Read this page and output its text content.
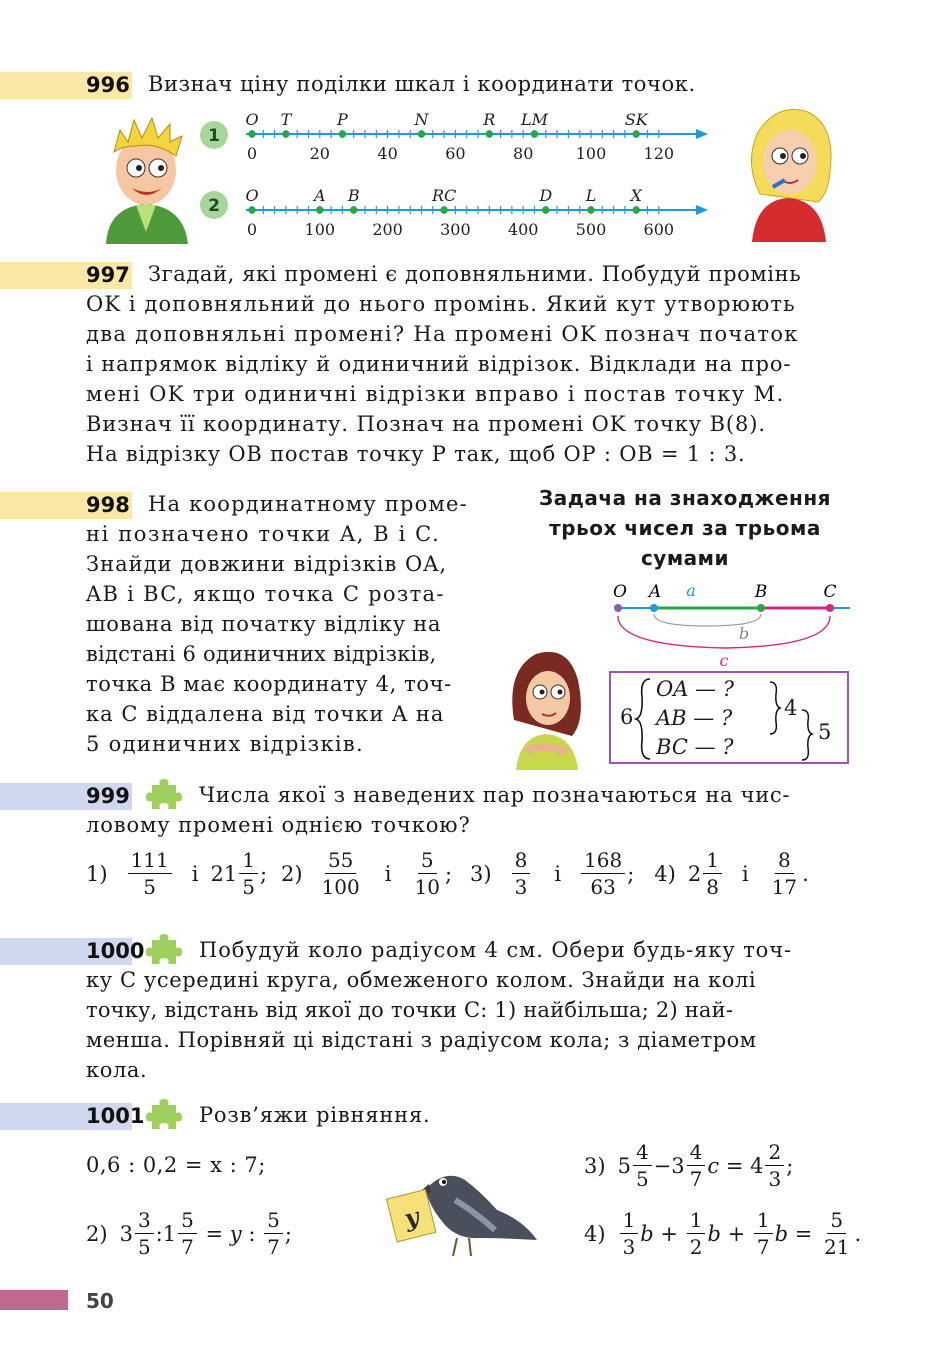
996 Визнач ціну поділки шкал і координати точок.
1
0	20	40	60	80	100 120
O T	P	N	R LM	SK
2
0	100 200 300 400 500 600
O	A B	RC	D L X
997 Згадай, які промені є доповняльними. Побудуй промінь
OK і доповняльний до нього промінь. Який кут утворюють
два доповняльні промені? На промені OK познач початок
і напрямок відліку й одиничний відрізок. Відклади на про-
мені OK три одиничні відрізки вправо і постав точку M.
Визнач її координату. Познач на промені OK точку B(8).
На відрізку OB постав точку P так, щоб OP : OB = 1 : 3.
998 На координатному проме-
ні позначено точки A, B і C.
Знайди довжини відрізків OA,
AB і BC, якщо точка C розта-
шована від початку відліку на
відстані 6 одиничних відрізків,
точка B має координату 4, точ-
ка C віддалена від точки A на
5 одиничних відрізків.
Задача на знаходження
трьох чисел за трьома
сумами
O A	B	C
a
b
c
6
OA — ?
AB — ?
BC — ?
4
5
999	Числа якої з наведених пар позначаються на чис-
ловому промені однією точкою?
$1) \frac{111}{5}$ і $21 \frac{1}{5}$ ; $2) \frac{55}{100}$ і $\frac{5}{10}$ ; $3) \frac{8}{3}$ і $\frac{168}{63}$ ; 4) $2 \frac{1}{8}$ і $\frac{8}{17}$ .
1000	Побудуй коло радіусом 4 см. Обери будь-яку точ-
ку C усередині круга, обмеженого колом. Знайди на колі
точку, відстань від якої до точки C: 1) найбільша; 2) най-
менша. Порівняй ці відстані з радіусом кола; з діаметром
кола.
1001	Розв’яжи рівняння.
0,6 : 0,2 = x : 7;
2) $3 \frac{3}{5}$ :1 $\frac{5}{7} = y$ : $\frac{5}{7}$ ;
y
3) $5 \frac{4}{5} -3 \frac{4}{7}$ $c = 4 \frac{2}{3}$ ;
$4) \frac{1}{3}$ $b + \frac{1}{2}$ $b + \frac{1}{7}$ $b = \frac{5}{21}$ .
50
